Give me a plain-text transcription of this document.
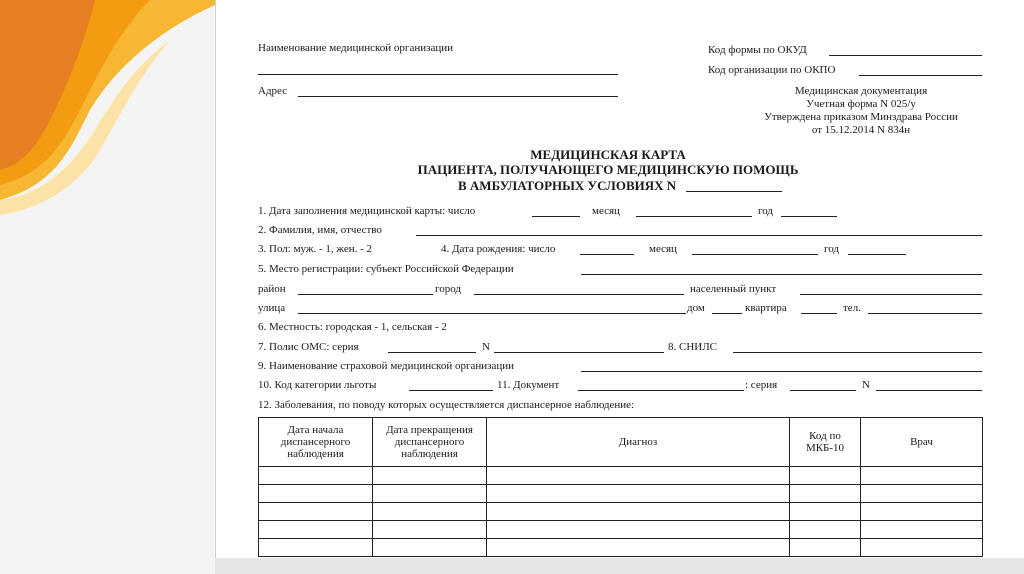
Наименование медицинской организации
Адрес
Код формы по ОКУД
Код организации по ОКПО
Медицинская документация
Учетная форма N 025/у
Утверждена приказом Минздрава России
от 15.12.2014 N 834н
МЕДИЦИНСКАЯ КАРТА
ПАЦИЕНТА, ПОЛУЧАЮЩЕГО МЕДИЦИНСКУЮ ПОМОЩЬ
В АМБУЛАТОРНЫХ УСЛОВИЯХ N
1. Дата заполнения медицинской карты: число	месяц	год
2. Фамилия, имя, отчество
3. Пол: муж. - 1, жен. - 2	4. Дата рождения: число	месяц	год
5. Место регистрации: субъект Российской Федерации
район	город	населенный пункт
улица	дом	квартира	тел.
6. Местность: городская - 1, сельская - 2
7. Полис ОМС: серия	N	8. СНИЛС
9. Наименование страховой медицинской организации
10. Код категории льготы	11. Документ	: серия	N
12. Заболевания, по поводу которых осуществляется диспансерное наблюдение:
Дата начала
диспансерного
наблюдения	Дата прекращения
диспансерного
наблюдения	Диагноз	Код по
МКБ-10	Врач
